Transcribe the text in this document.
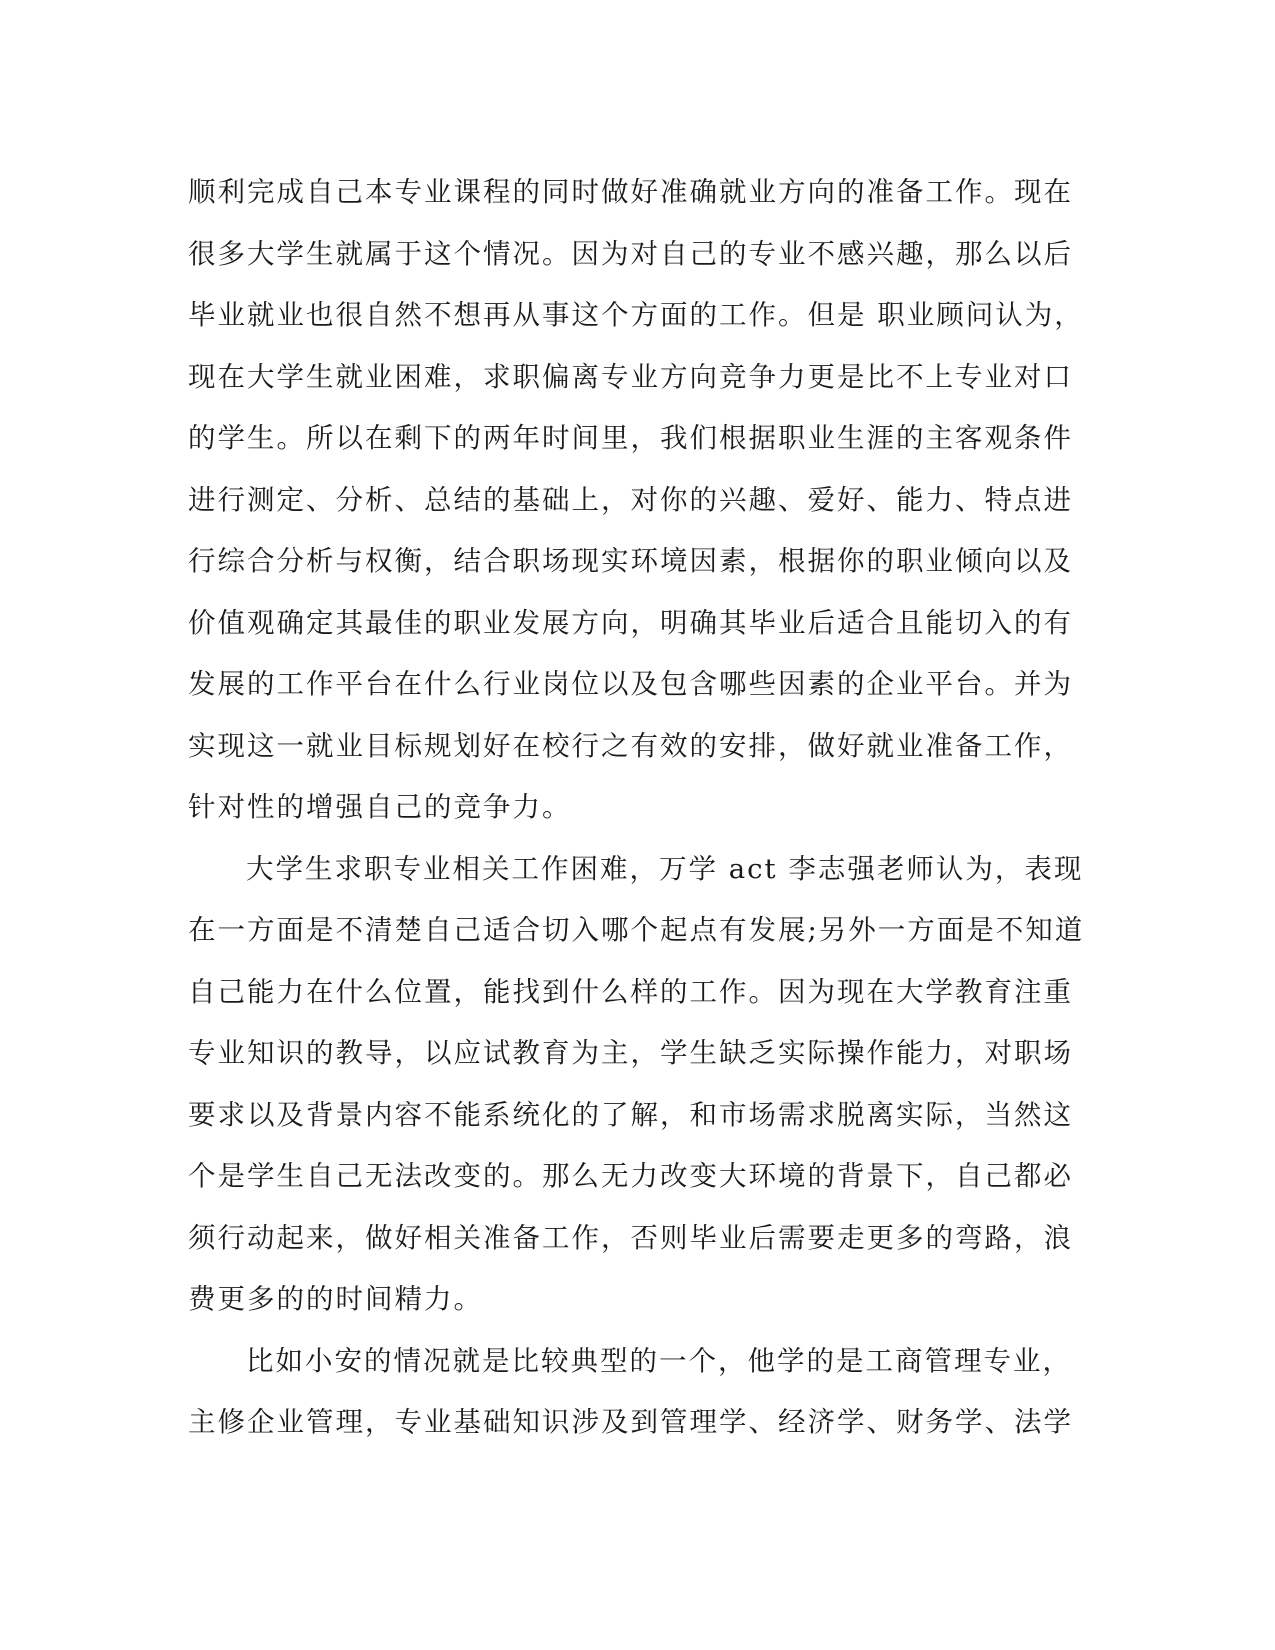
顺利完成自己本专业课程的同时做好准确就业方向的准备工作。现在
很多大学生就属于这个情况。因为对自己的专业不感兴趣，那么以后
毕业就业也很自然不想再从事这个方面的工作。但是 职业顾问认为，
现在大学生就业困难，求职偏离专业方向竞争力更是比不上专业对口
的学生。所以在剩下的两年时间里，我们根据职业生涯的主客观条件
进行测定、分析、总结的基础上，对你的兴趣、爱好、能力、特点进
行综合分析与权衡，结合职场现实环境因素，根据你的职业倾向以及
价值观确定其最佳的职业发展方向，明确其毕业后适合且能切入的有
发展的工作平台在什么行业岗位以及包含哪些因素的企业平台。并为
实现这一就业目标规划好在校行之有效的安排，做好就业准备工作，
针对性的增强自己的竞争力。
大学生求职专业相关工作困难，万学 act 李志强老师认为，表现
在一方面是不清楚自己适合切入哪个起点有发展;另外一方面是不知道
自己能力在什么位置，能找到什么样的工作。因为现在大学教育注重
专业知识的教导，以应试教育为主，学生缺乏实际操作能力，对职场
要求以及背景内容不能系统化的了解，和市场需求脱离实际，当然这
个是学生自己无法改变的。那么无力改变大环境的背景下，自己都必
须行动起来，做好相关准备工作，否则毕业后需要走更多的弯路，浪
费更多的的时间精力。
比如小安的情况就是比较典型的一个，他学的是工商管理专业，
主修企业管理，专业基础知识涉及到管理学、经济学、财务学、法学
